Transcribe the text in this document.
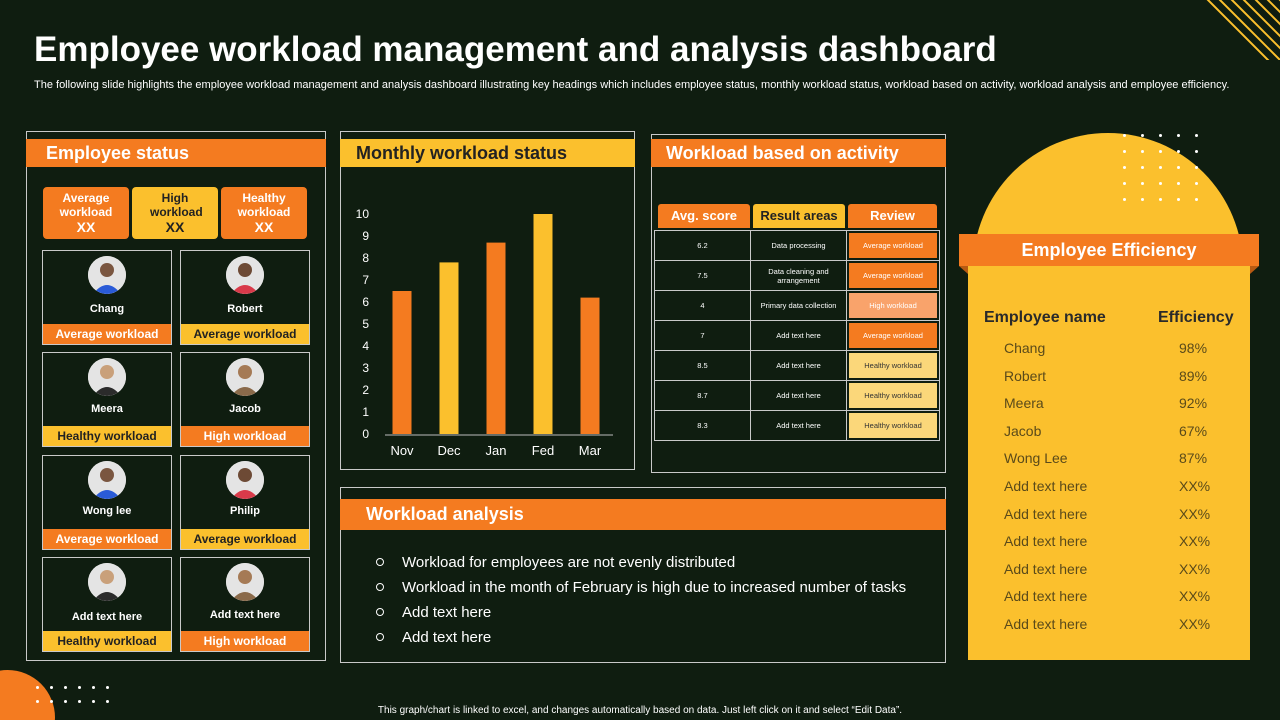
Employee workload management and analysis dashboard
The following slide highlights the employee workload management and analysis dashboard illustrating key headings which includes employee status, monthly workload status, workload based on activity, workload analysis and employee efficiency.
Employee status
Average workload
XX
High workload
XX
Healthy workload
XX
Chang
Average workload
Robert
Average workload
Meera
Healthy workload
Jacob
High workload
Wong lee
Average workload
Philip
Average workload
Add text here
Healthy workload
Add text here
High workload
Monthly workload status
0
1
2
3
4
5
6
7
8
9
10
Nov Dec Jan Fed Mar
Workload based on activity
Avg. score	Result areas	Review
6.2	Data processing	Average workload

7.5	Data cleaning and arrangement	Average workload

4	Primary data collection	High workload

7	Add text here	Average workload

8.5	Add text here	Healthy workload

8.7	Add text here	Healthy workload

8.3	Add text here	Healthy workload
Workload analysis
Workload for employees are not evenly distributed
Workload in the month of February is high due to increased number of tasks
Add text here
Add text here
Employee Efficiency
Employee name	Efficiency
Chang	98%
Robert	89%
Meera	92%
Jacob	67%
Wong Lee	87%
Add text here	XX%
Add text here	XX%
Add text here	XX%
Add text here	XX%
Add text here	XX%
Add text here	XX%
This graph/chart is linked to excel, and changes automatically based on data. Just left click on it and select “Edit Data”.
